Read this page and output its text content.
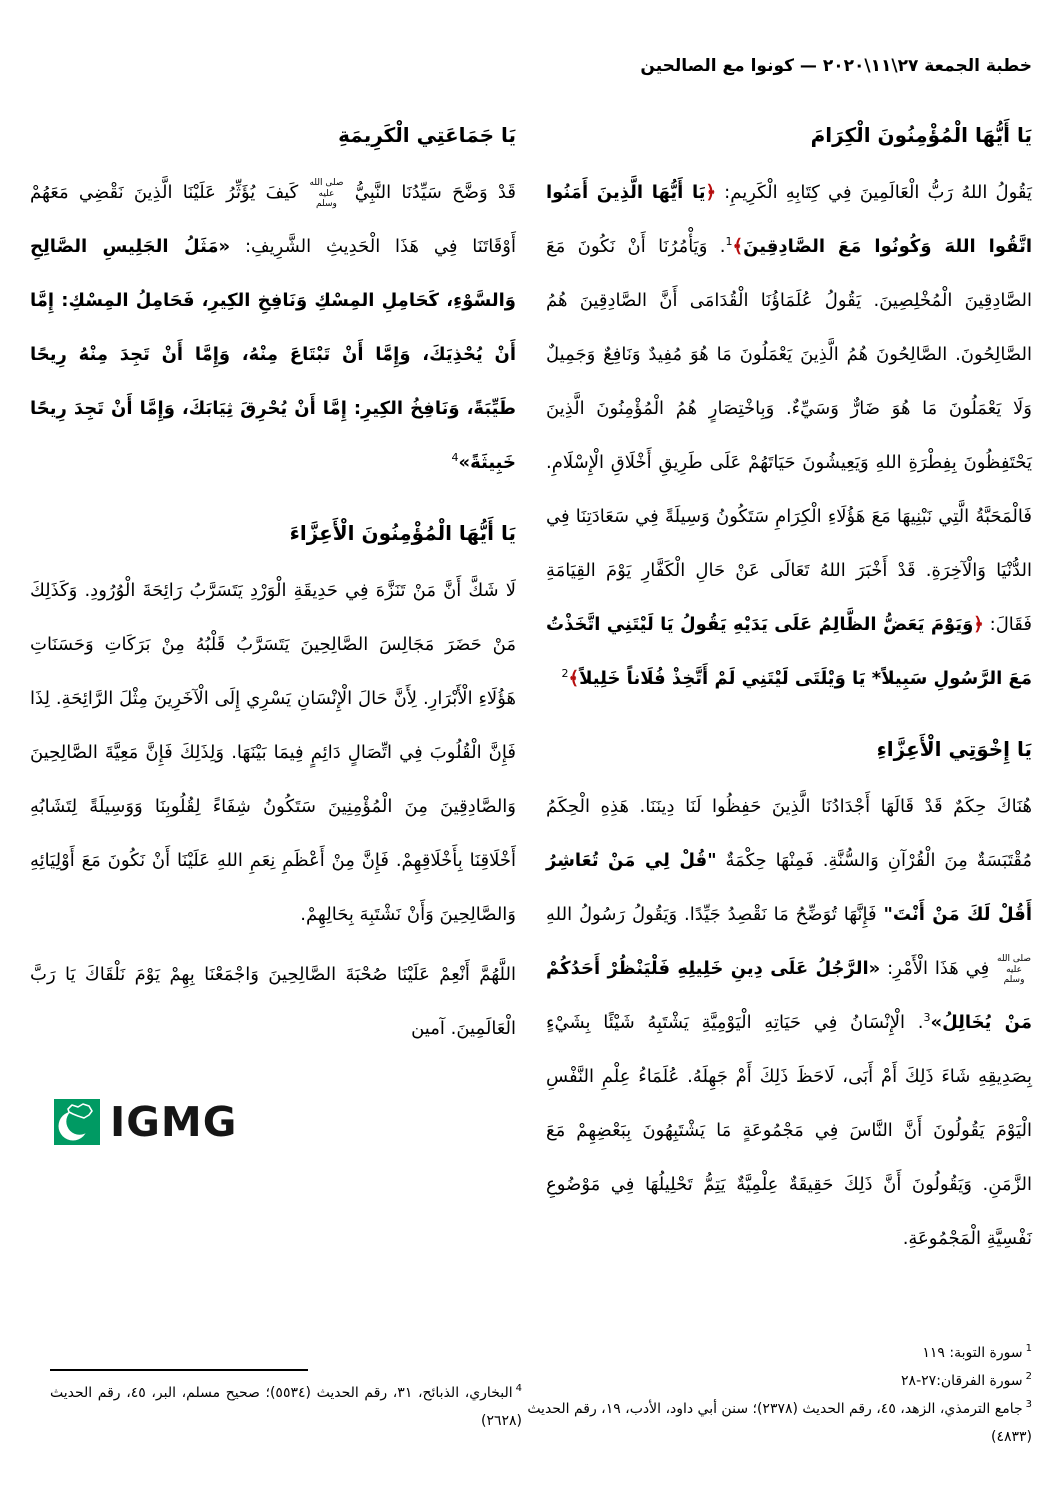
خطبة الجمعة ٢٧\١١\٢٠٢٠ — كونوا مع الصالحين
يَا أَيُّهَا الْمُؤْمِنُونَ الْكِرَامَ

يَقُولُ اللهُ رَبُّ الْعَالَمِينَ فِي كِتَابِهِ الْكَرِيمِ: ﴿يَا أَيُّهَا الَّذِينَ أَمَنُوا اتَّقُوا اللهَ وَكُونُوا مَعَ الصَّادِقِينَ﴾$^1$. وَيَأْمُرُنَا أَنْ نَكُونَ مَعَ الصَّادِقِينَ الْمُخْلِصِينَ. يَقُولُ عُلَمَاؤُنَا الْقُدَامَى أَنَّ الصَّادِقِينَ هُمُ الصَّالِحُونَ. الصَّالِحُونَ هُمُ الَّذِينَ يَعْمَلُونَ مَا هُوَ مُفِيدٌ وَنَافِعٌ وَجَمِيلٌ وَلَا يَعْمَلُونَ مَا هُوَ ضَارٌّ وَسَيِّءٌ. وَبِاخْتِصَارٍ هُمُ الْمُؤْمِنُونَ الَّذِينَ يَحْتَفِظُونَ بِفِطْرَةِ اللهِ وَيَعِيشُونَ حَيَاتَهُمْ عَلَى طَرِيقِ أَخْلَاقِ الْإِسْلَامِ. فَالْمَحَبَّةُ الَّتِي نَبْنِيهَا مَعَ هَؤُلَاءِ الْكِرَامِ سَتَكُونُ وَسِيلَةً فِي سَعَادَتِنَا فِي الدُّنْيَا وَالْآخِرَةِ. قَدْ أَخْبَرَ اللهُ تَعَالَى عَنْ حَالِ الْكَفَّارِ يَوْمَ القِيَامَةِ فَقَالَ: ﴿وَيَوْمَ يَعَضُّ الظَّالِمُ عَلَى يَدَيْهِ يَقُولُ يَا لَيْتَنِي اتَّخَذْتُ مَعَ الرَّسُولِ سَبِيلاً* يَا وَيْلَتَى لَيْتَنِي لَمْ أَتَّخِذْ فُلَاناً خَلِيلاً﴾$^2$

يَا إِخْوَتِي الْأَعِزَّاءِ

هُنَاكَ حِكَمٌ قَدْ قَالَهَا أَجْدَادُنَا الَّذِينَ حَفِظُوا لَنَا دِينَنَا. هَذِهِ الْحِكَمُ مُقْتَبَسَةٌ مِنَ الْقُرْآنِ وَالسُّنَّةِ. فَمِنْهَا حِكْمَةٌ "قُلْ لِي مَنْ تُعَاشِرُ أَقُلْ لَكَ مَنْ أَنْتَ" فَإِنَّهَا تُوَضِّحُ مَا نَقْصِدُ جَيِّدًا. وَيَقُولُ رَسُولُ اللهِ صلى الله عليه وسلم فِي هَذَا الْأَمْرِ: «الرَّجُلُ عَلَى دِينِ خَلِيلِهِ فَلْيَنْظُرْ أَحَدُكُمْ مَنْ يُخَالِلُ»$^3$. الْإِنْسَانُ فِي حَيَاتِهِ الْيَوْمِيَّةِ يَشْتَبِهُ شَيْئًا بِشَيْءٍ بِصَدِيقِهِ شَاءَ ذَلِكَ أَمْ أَبَى، لَاحَظَ ذَلِكَ أَمْ جَهِلَهُ. عُلَمَاءُ عِلْمِ النَّفْسِ الْيَوْمَ يَقُولُونَ أَنَّ النَّاسَ فِي مَجْمُوعَةٍ مَا يَشْتَبِهُونَ بِبَعْضِهِمْ مَعَ الزَّمَنِ. وَيَقُولُونَ أَنَّ ذَلِكَ حَقِيقَةٌ عِلْمِيَّةٌ يَتِمُّ تَحْلِيلُهَا فِي مَوْضُوعِ نَفْسِيَّةِ الْمَجْمُوعَةِ.

يَا جَمَاعَتِي الْكَرِيمَةِ

قَدْ وَضَّحَ سَيِّدُنَا النَّبِيُّ صلى الله عليه وسلم كَيفَ يُؤَثِّرُ عَلَيْنَا الَّذِينَ نَقْضِي مَعَهُمْ أَوْقَاتَنَا فِي هَذَا الْحَدِيثِ الشَّرِيفِ: «مَثَلُ الجَلِيسِ الصَّالِحِ وَالسَّوْءِ، كَحَامِلِ المِسْكِ وَنَافِخِ الكِيرِ، فَحَامِلُ المِسْكِ: إِمَّا أَنْ يُحْذِيَكَ، وَإِمَّا أَنْ تَبْتَاعَ مِنْهُ، وَإِمَّا أَنْ تَجِدَ مِنْهُ رِيحًا طَيِّبَةً، وَنَافِخُ الكِيرِ: إِمَّا أَنْ يُحْرِقَ ثِيَابَكَ، وَإِمَّا أَنْ تَجِدَ رِيحًا خَبِيثَةً»$^4$

يَا أَيُّهَا الْمُؤْمِنُونَ الْأَعِزَّاءَ

لَا شَكَّ أَنَّ مَنْ تَنَزَّهَ فِي حَدِيقَةِ الْوَرْدِ يَتَسَرَّبُ رَائِحَةَ الْوُرُودِ. وَكَذَلِكَ مَنْ حَضَرَ مَجَالِسَ الصَّالِحِينَ يَتَسَرَّبُ قَلْبُهُ مِنْ بَرَكَاتِ وَحَسَنَاتِ هَؤُلَاءِ الْأَبْرَارِ. لِأَنَّ حَالَ الْإِنْسَانِ يَسْرِي إِلَى الْآخَرِينَ مِثْلَ الرَّائِحَةِ. لِذَا فَإِنَّ الْقُلُوبَ فِي اتِّصَالٍ دَائِمٍ فِيمَا بَيْنَهَا. وَلِذَلِكَ فَإِنَّ مَعِيَّةَ الصَّالِحِينَ وَالصَّادِقِينَ مِنَ الْمُؤْمِنِينَ سَتَكُونُ شِفَاءً لِقُلُوبِنَا وَوَسِيلَةً لِتَشَابُهِ أَخْلَاقِنَا بِأَخْلَاقِهِمْ. فَإِنَّ مِنْ أَعْظَمِ نِعَمِ اللهِ عَلَيْنَا أَنْ نَكُونَ مَعَ أَوْلِيَائِهِ وَالصَّالِحِينَ وَأَنْ نَشْتَبِهَ بِحَالِهِمْ.

اللَّهُمَّ أَنْعِمْ عَلَيْنَا صُحْبَةَ الصَّالِحِينَ وَاجْمَعْنَا بِهِمْ يَوْمَ نَلْقَاكَ يَا رَبَّ الْعَالَمِينَ. آمين

IGMG

$^1$سورة التوبة: ١١٩

$^2$سورة الفرقان:٢٧-٢٨

$^3$جامع الترمذي، الزهد، ٤٥، رقم الحديث (٢٣٧٨)؛ سنن أبي داود، الأدب، ١٩، رقم الحديث (٤٨٣٣)

$^4$البخاري، الذبائح، ٣١، رقم الحديث (٥٥٣٤)؛ صحيح مسلم، البر، ٤٥، رقم الحديث (٢٦٢٨)
